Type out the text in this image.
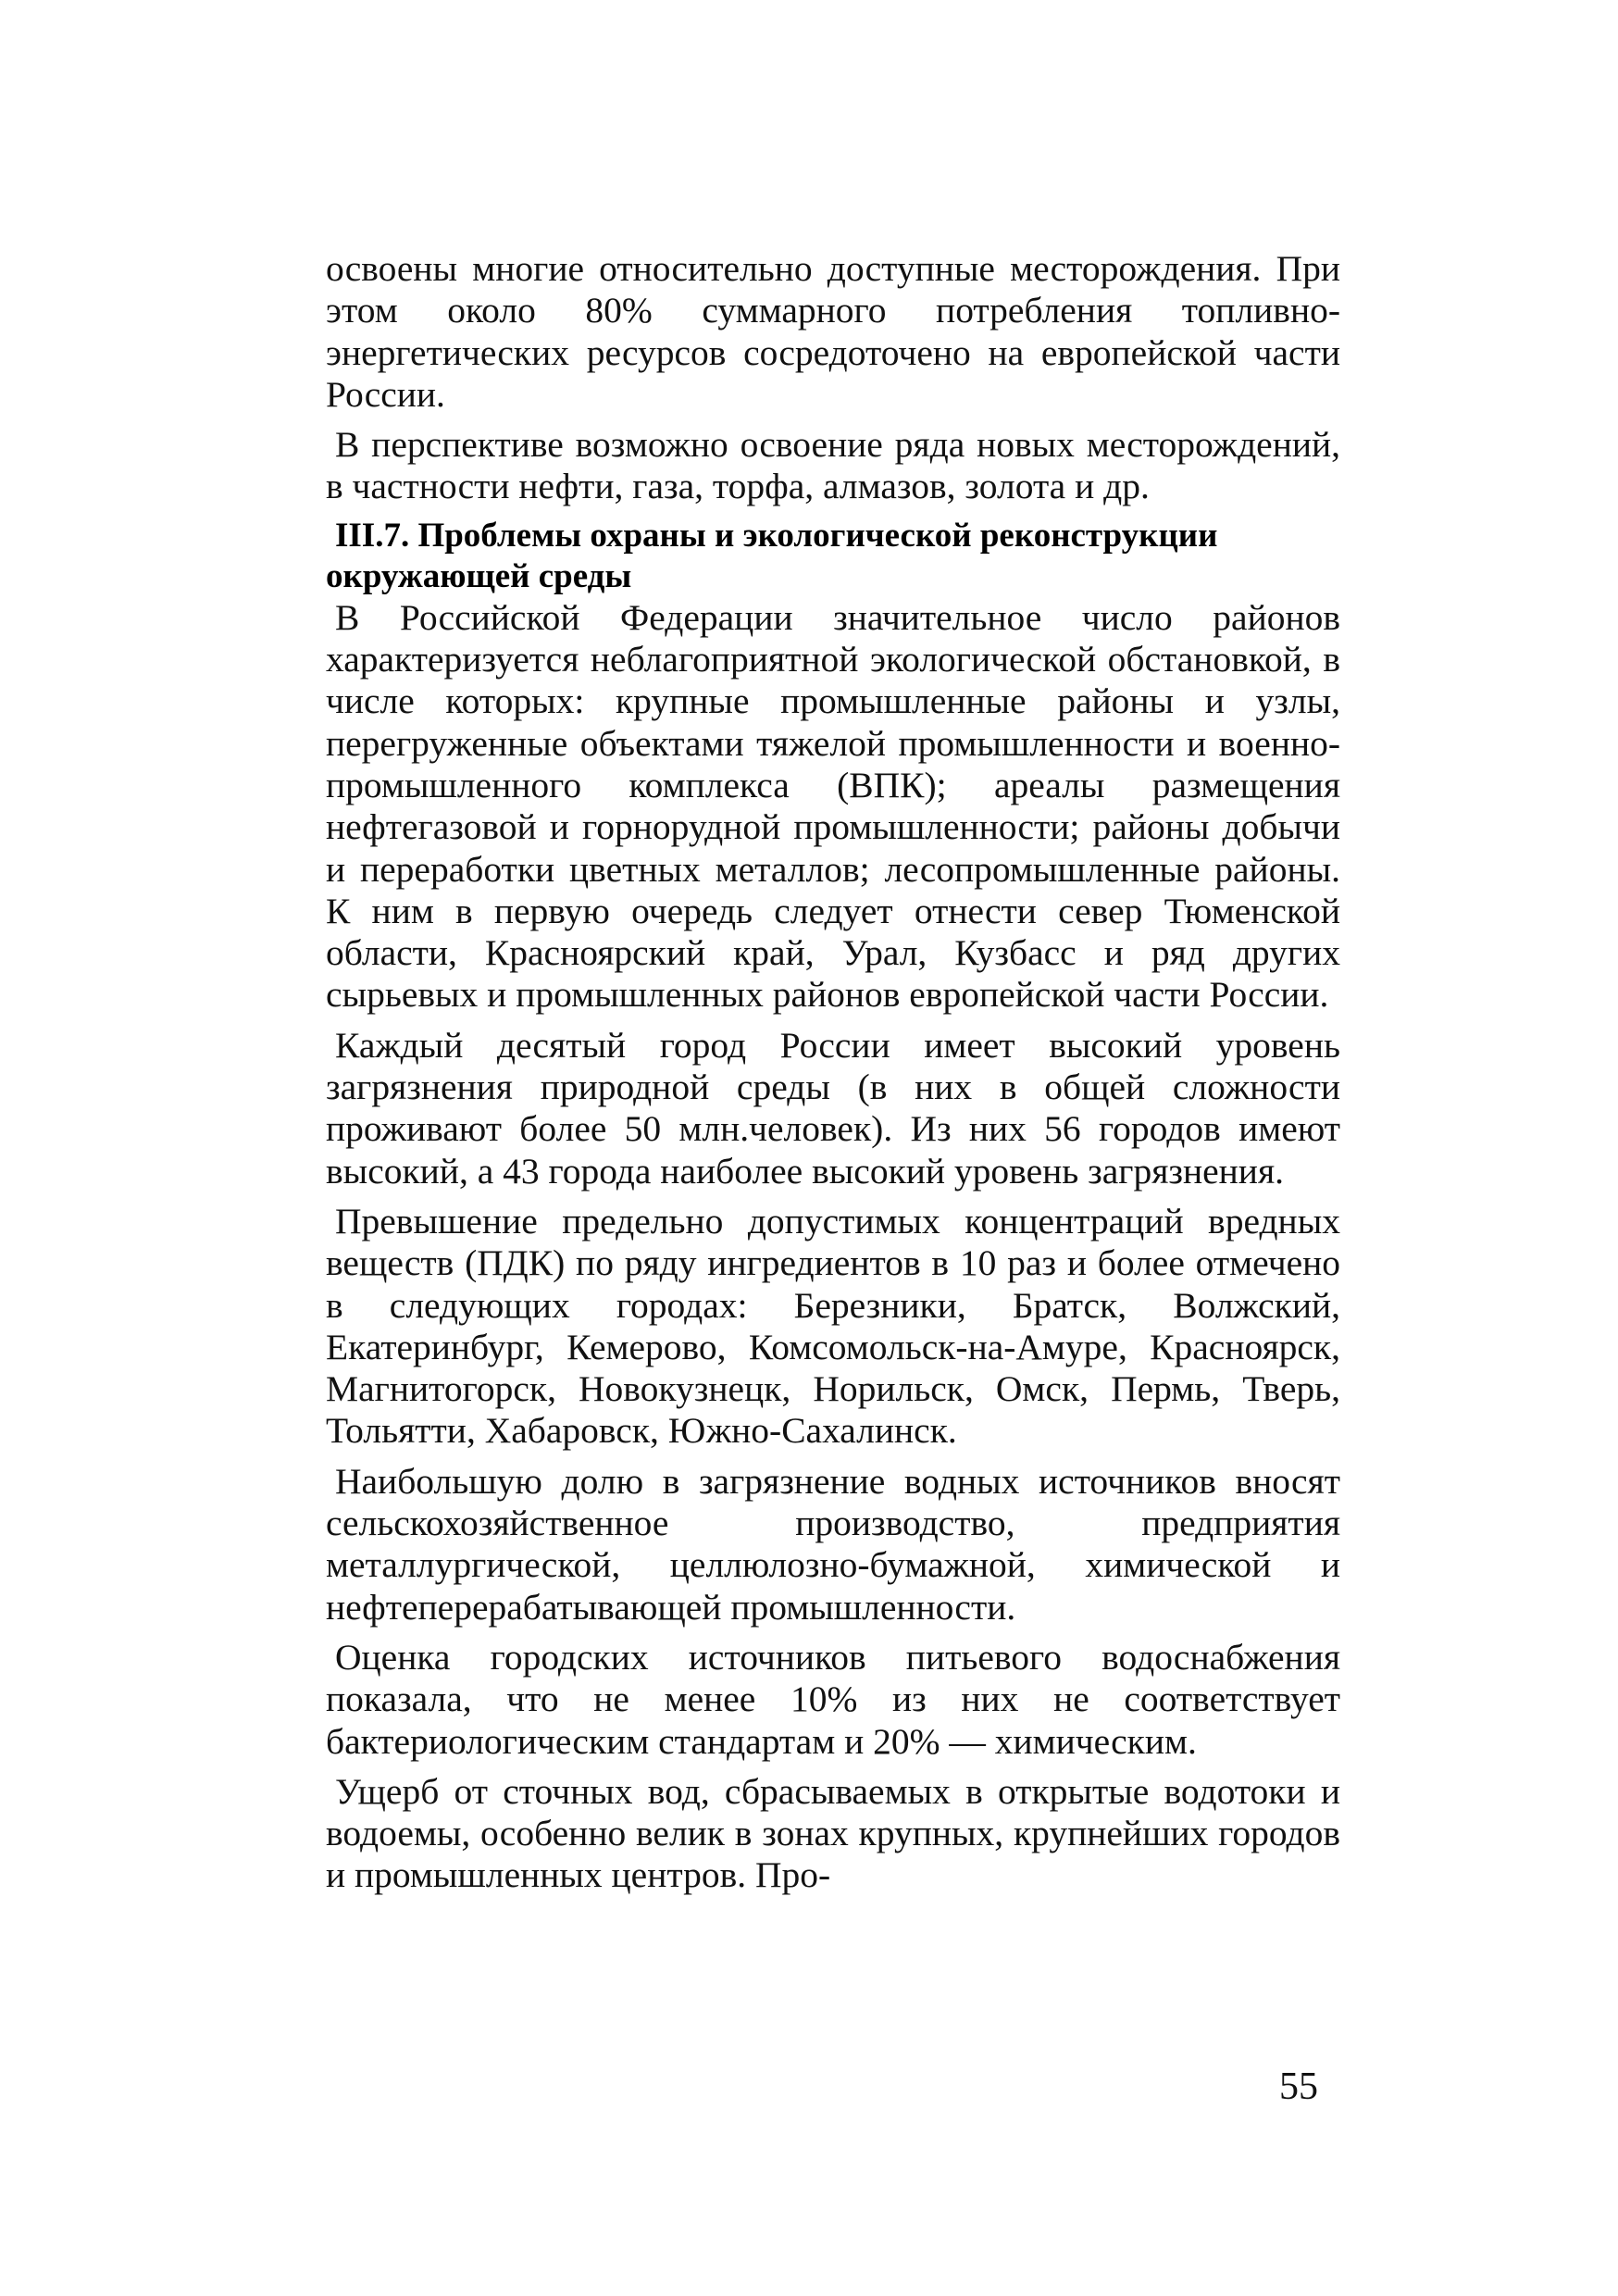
освоены многие относительно доступные месторождения. При этом около 80% суммарного потребления топливно-энергетических ресурсов сосредоточено на европейской части России.

В перспективе возможно освоение ряда новых месторождений, в частности нефти, газа, торфа, алмазов, золота и др.

III.7. Проблемы охраны и экологической реконструкции окружающей среды

В Российской Федерации значительное число районов характеризуется неблагоприятной экологической обстановкой, в числе которых: крупные промышленные районы и узлы, перегруженные объектами тяжелой промышленности и военно-промышленного комплекса (ВПК); ареалы размещения нефтегазовой и горнорудной промышленности; районы добычи и переработки цветных металлов; лесопромышленные районы. К ним в первую очередь следует отнести север Тюменской области, Красноярский край, Урал, Кузбасс и ряд других сырьевых и промышленных районов европейской части России.

Каждый десятый город России имеет высокий уровень загрязнения природной среды (в них в общей сложности проживают более 50 млн.человек). Из них 56 городов имеют высокий, а 43 города наиболее высокий уровень загрязнения.

Превышение предельно допустимых концентраций вредных веществ (ПДК) по ряду ингредиентов в 10 раз и более отмечено в следующих городах: Березники, Братск, Волжский, Екатеринбург, Кемерово, Комсомольск-на-Амуре, Красноярск, Магнитогорск, Новокузнецк, Норильск, Омск, Пермь, Тверь, Тольятти, Хабаровск, Южно-Сахалинск.

Наибольшую долю в загрязнение водных источников вносят сельскохозяйственное производство, предприятия металлургической, целлюлозно-бумажной, химической и нефтеперерабатывающей промышленности.

Оценка городских источников питьевого водоснабжения показала, что не менее 10% из них не соответствует бактериологическим стандартам и 20% — химическим.

Ущерб от сточных вод, сбрасываемых в открытые водотоки и водоемы, особенно велик в зонах крупных, крупнейших городов и промышленных центров. Про-

55
